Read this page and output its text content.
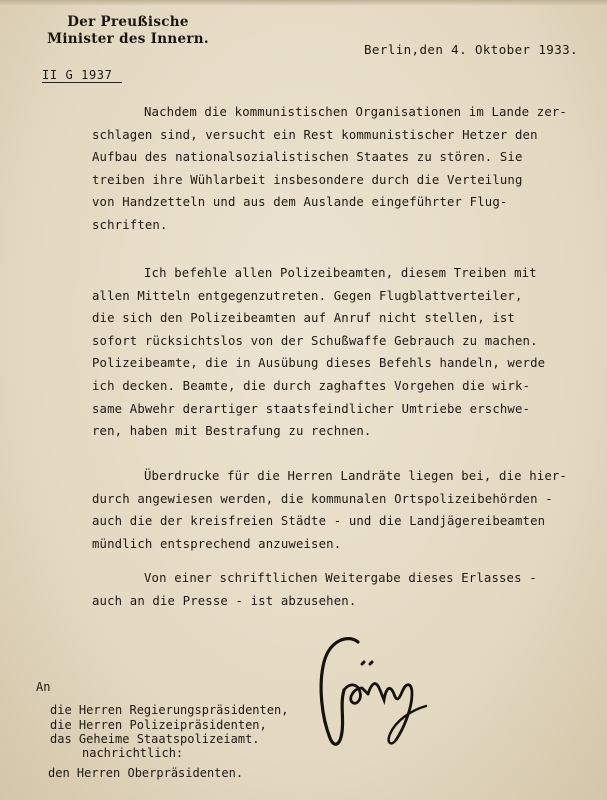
Der Preußische
Minister des Innern.
Berlin,den 4. Oktober 1933.
II G 1937
Nachdem die kommunistischen Organisationen im Lande zer-
schlagen sind, versucht ein Rest kommunistischer Hetzer den
Aufbau des nationalsozialistischen Staates zu stören. Sie
treiben ihre Wühlarbeit insbesondere durch die Verteilung
von Handzetteln und aus dem Auslande eingeführter Flug-
schriften.
Ich befehle allen Polizeibeamten, diesem Treiben mit
allen Mitteln entgegenzutreten. Gegen Flugblattverteiler,
die sich den Polizeibeamten auf Anruf nicht stellen, ist
sofort rücksichtslos von der Schußwaffe Gebrauch zu machen.
Polizeibeamte, die in Ausübung dieses Befehls handeln, werde
ich decken. Beamte, die durch zaghaftes Vorgehen die wirk-
same Abwehr derartiger staatsfeindlicher Umtriebe erschwe-
ren, haben mit Bestrafung zu rechnen.
Überdrucke für die Herren Landräte liegen bei, die hier-
durch angewiesen werden, die kommunalen Ortspolizeibehörden -
auch die der kreisfreien Städte - und die Landjägereibeamten
mündlich entsprechend anzuweisen.
Von einer schriftlichen Weitergabe dieses Erlasses -
auch an die Presse - ist abzusehen.
An
die Herren Regierungspräsidenten,
die Herren Polizeipräsidenten,
das Geheime Staatspolizeiamt.
nachrichtlich:
den Herren Oberpräsidenten.
